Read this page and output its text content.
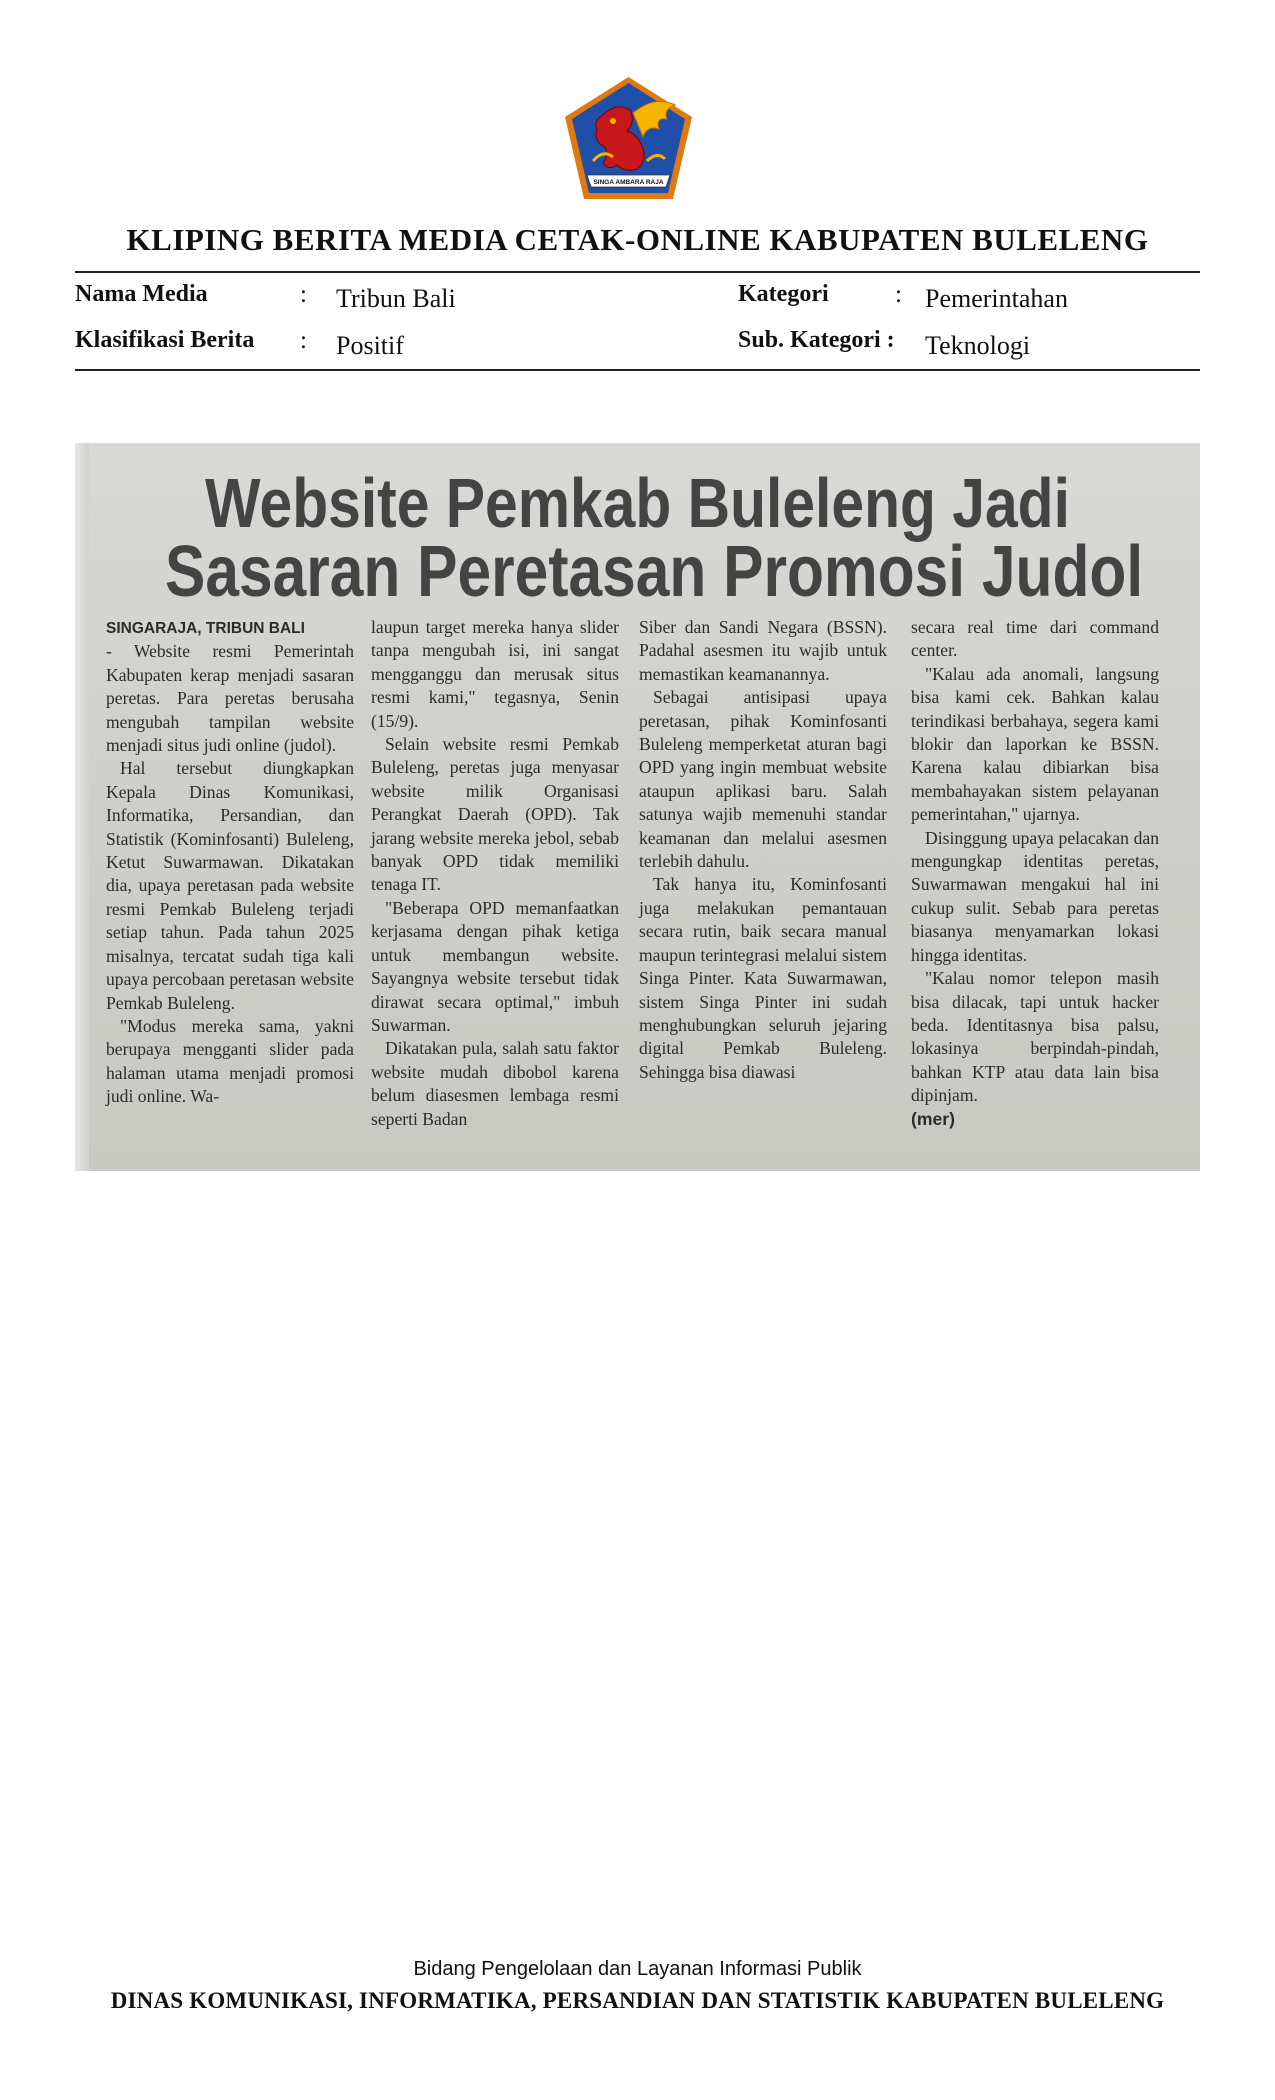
SINGA AMBARA RAJA
KLIPING BERITA MEDIA CETAK-ONLINE KABUPATEN BULELENG
Nama Media	: Tribun Bali	Kategori	: Pemerintahan
Klasifikasi Berita : Positif	Sub. Kategori : Teknologi
Website Pemkab Buleleng Jadi
Sasaran Peretasan Promosi Judol

SINGARAJA, TRIBUN BALI

- Website resmi Pemerintah Kabupaten kerap menjadi sasaran peretas. Para peretas berusaha mengubah tampilan website menjadi situs judi online (judol).

Hal tersebut diungkapkan Kepala Dinas Komunikasi, Informatika, Persandian, dan Statistik (Kominfosanti) Buleleng, Ketut Suwarmawan. Dikatakan dia, upaya peretasan pada website resmi Pemkab Buleleng terjadi setiap tahun. Pada tahun 2025 misalnya, tercatat sudah tiga kali upaya percobaan peretasan website Pemkab Buleleng.

"Modus mereka sama, yakni berupaya mengganti slider pada halaman utama menjadi promosi judi online. Wa-

laupun target mereka hanya slider tanpa mengubah isi, ini sangat mengganggu dan merusak situs resmi kami," tegasnya, Senin (15/9).

Selain website resmi Pemkab Buleleng, peretas juga menyasar website milik Organisasi Perangkat Daerah (OPD). Tak jarang website mereka jebol, sebab banyak OPD tidak memiliki tenaga IT.

"Beberapa OPD memanfaatkan kerjasama dengan pihak ketiga untuk membangun website. Sayangnya website tersebut tidak dirawat secara optimal," imbuh Suwarman.

Dikatakan pula, salah satu faktor website mudah dibobol karena belum diasesmen lembaga resmi seperti Badan

Siber dan Sandi Negara (BSSN). Padahal asesmen itu wajib untuk memastikan keamanannya.

Sebagai antisipasi upaya peretasan, pihak Kominfosanti Buleleng memperketat aturan bagi OPD yang ingin membuat website ataupun aplikasi baru. Salah satunya wajib memenuhi standar keamanan dan melalui asesmen terlebih dahulu.

Tak hanya itu, Kominfosanti juga melakukan pemantauan secara rutin, baik secara manual maupun terintegrasi melalui sistem Singa Pinter. Kata Suwarmawan, sistem Singa Pinter ini sudah menghubungkan seluruh jejaring digital Pemkab Buleleng. Sehingga bisa diawasi

secara real time dari command center.

"Kalau ada anomali, langsung bisa kami cek. Bahkan kalau terindikasi berbahaya, segera kami blokir dan laporkan ke BSSN. Karena kalau dibiarkan bisa membahayakan sistem pelayanan pemerintahan," ujarnya.

Disinggung upaya pelacakan dan mengungkap identitas peretas, Suwarmawan mengakui hal ini cukup sulit. Sebab para peretas biasanya menyamarkan lokasi hingga identitas.

"Kalau nomor telepon masih bisa dilacak, tapi untuk hacker beda. Identitasnya bisa palsu, lokasinya berpindah-pindah, bahkan KTP atau data lain bisa dipinjam.

(mer)

Bidang Pengelolaan dan Layanan Informasi Publik
DINAS KOMUNIKASI, INFORMATIKA, PERSANDIAN DAN STATISTIK KABUPATEN BULELENG
